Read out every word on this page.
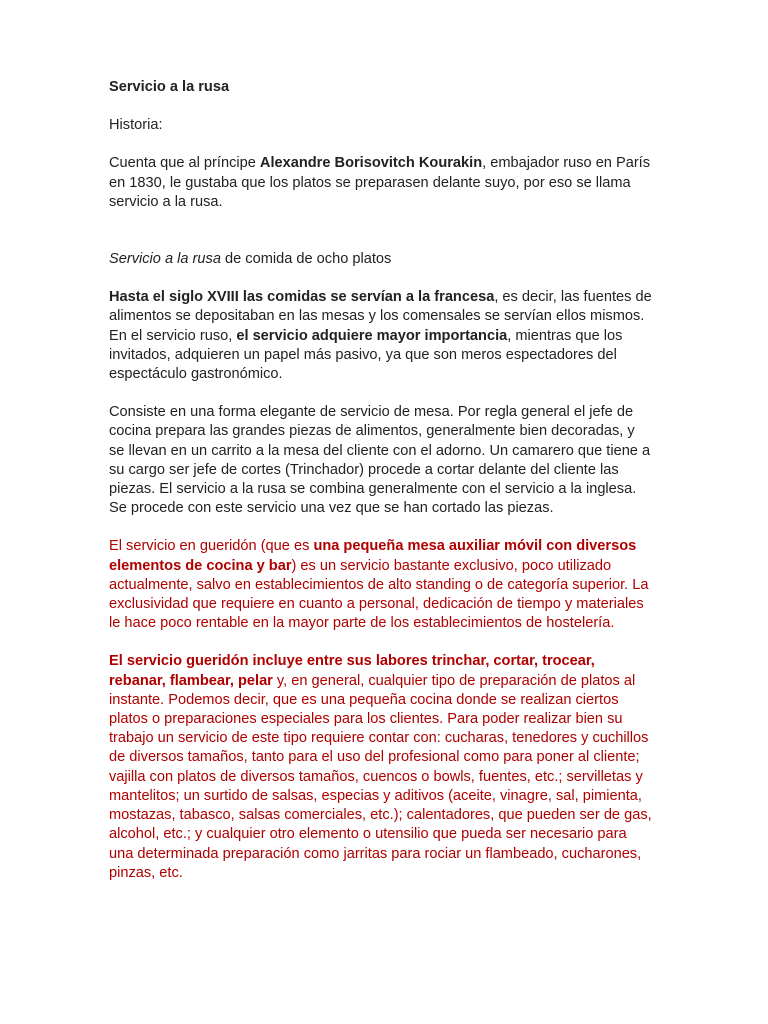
Servicio a la rusa

Historia:

Cuenta que al príncipe Alexandre Borisovitch Kourakin, embajador ruso en París en 1830, le gustaba que los platos se preparasen delante suyo, por eso se llama servicio a la rusa.

Servicio a la rusa de comida de ocho platos

Hasta el siglo XVIII las comidas se servían a la francesa, es decir, las fuentes de alimentos se depositaban en las mesas y los comensales se servían ellos mismos. En el servicio ruso, el servicio adquiere mayor importancia, mientras que los invitados, adquieren un papel más pasivo, ya que son meros espectadores del espectáculo gastronómico.

Consiste en una forma elegante de servicio de mesa. Por regla general el jefe de cocina prepara las grandes piezas de alimentos, generalmente bien decoradas, y se llevan en un carrito a la mesa del cliente con el adorno. Un camarero que tiene a su cargo ser jefe de cortes (Trinchador) procede a cortar delante del cliente las piezas. El servicio a la rusa se combina generalmente con el servicio a la inglesa. Se procede con este servicio una vez que se han cortado las piezas.

El servicio en gueridón (que es una pequeña mesa auxiliar móvil con diversos elementos de cocina y bar) es un servicio bastante exclusivo, poco utilizado actualmente, salvo en establecimientos de alto standing o de categoría superior. La exclusividad que requiere en cuanto a personal, dedicación de tiempo y materiales le hace poco rentable en la mayor parte de los establecimientos de hostelería.

El servicio gueridón incluye entre sus labores trinchar, cortar, trocear, rebanar, flambear, pelar y, en general, cualquier tipo de preparación de platos al instante. Podemos decir, que es una pequeña cocina donde se realizan ciertos platos o preparaciones especiales para los clientes. Para poder realizar bien su trabajo un servicio de este tipo requiere contar con: cucharas, tenedores y cuchillos de diversos tamaños, tanto para el uso del profesional como para poner al cliente; vajilla con platos de diversos tamaños, cuencos o bowls, fuentes, etc.; servilletas y mantelitos; un surtido de salsas, especias y aditivos (aceite, vinagre, sal, pimienta, mostazas, tabasco, salsas comerciales, etc.); calentadores, que pueden ser de gas, alcohol, etc.; y cualquier otro elemento o utensilio que pueda ser necesario para una determinada preparación como jarritas para rociar un flambeado, cucharones, pinzas, etc.
